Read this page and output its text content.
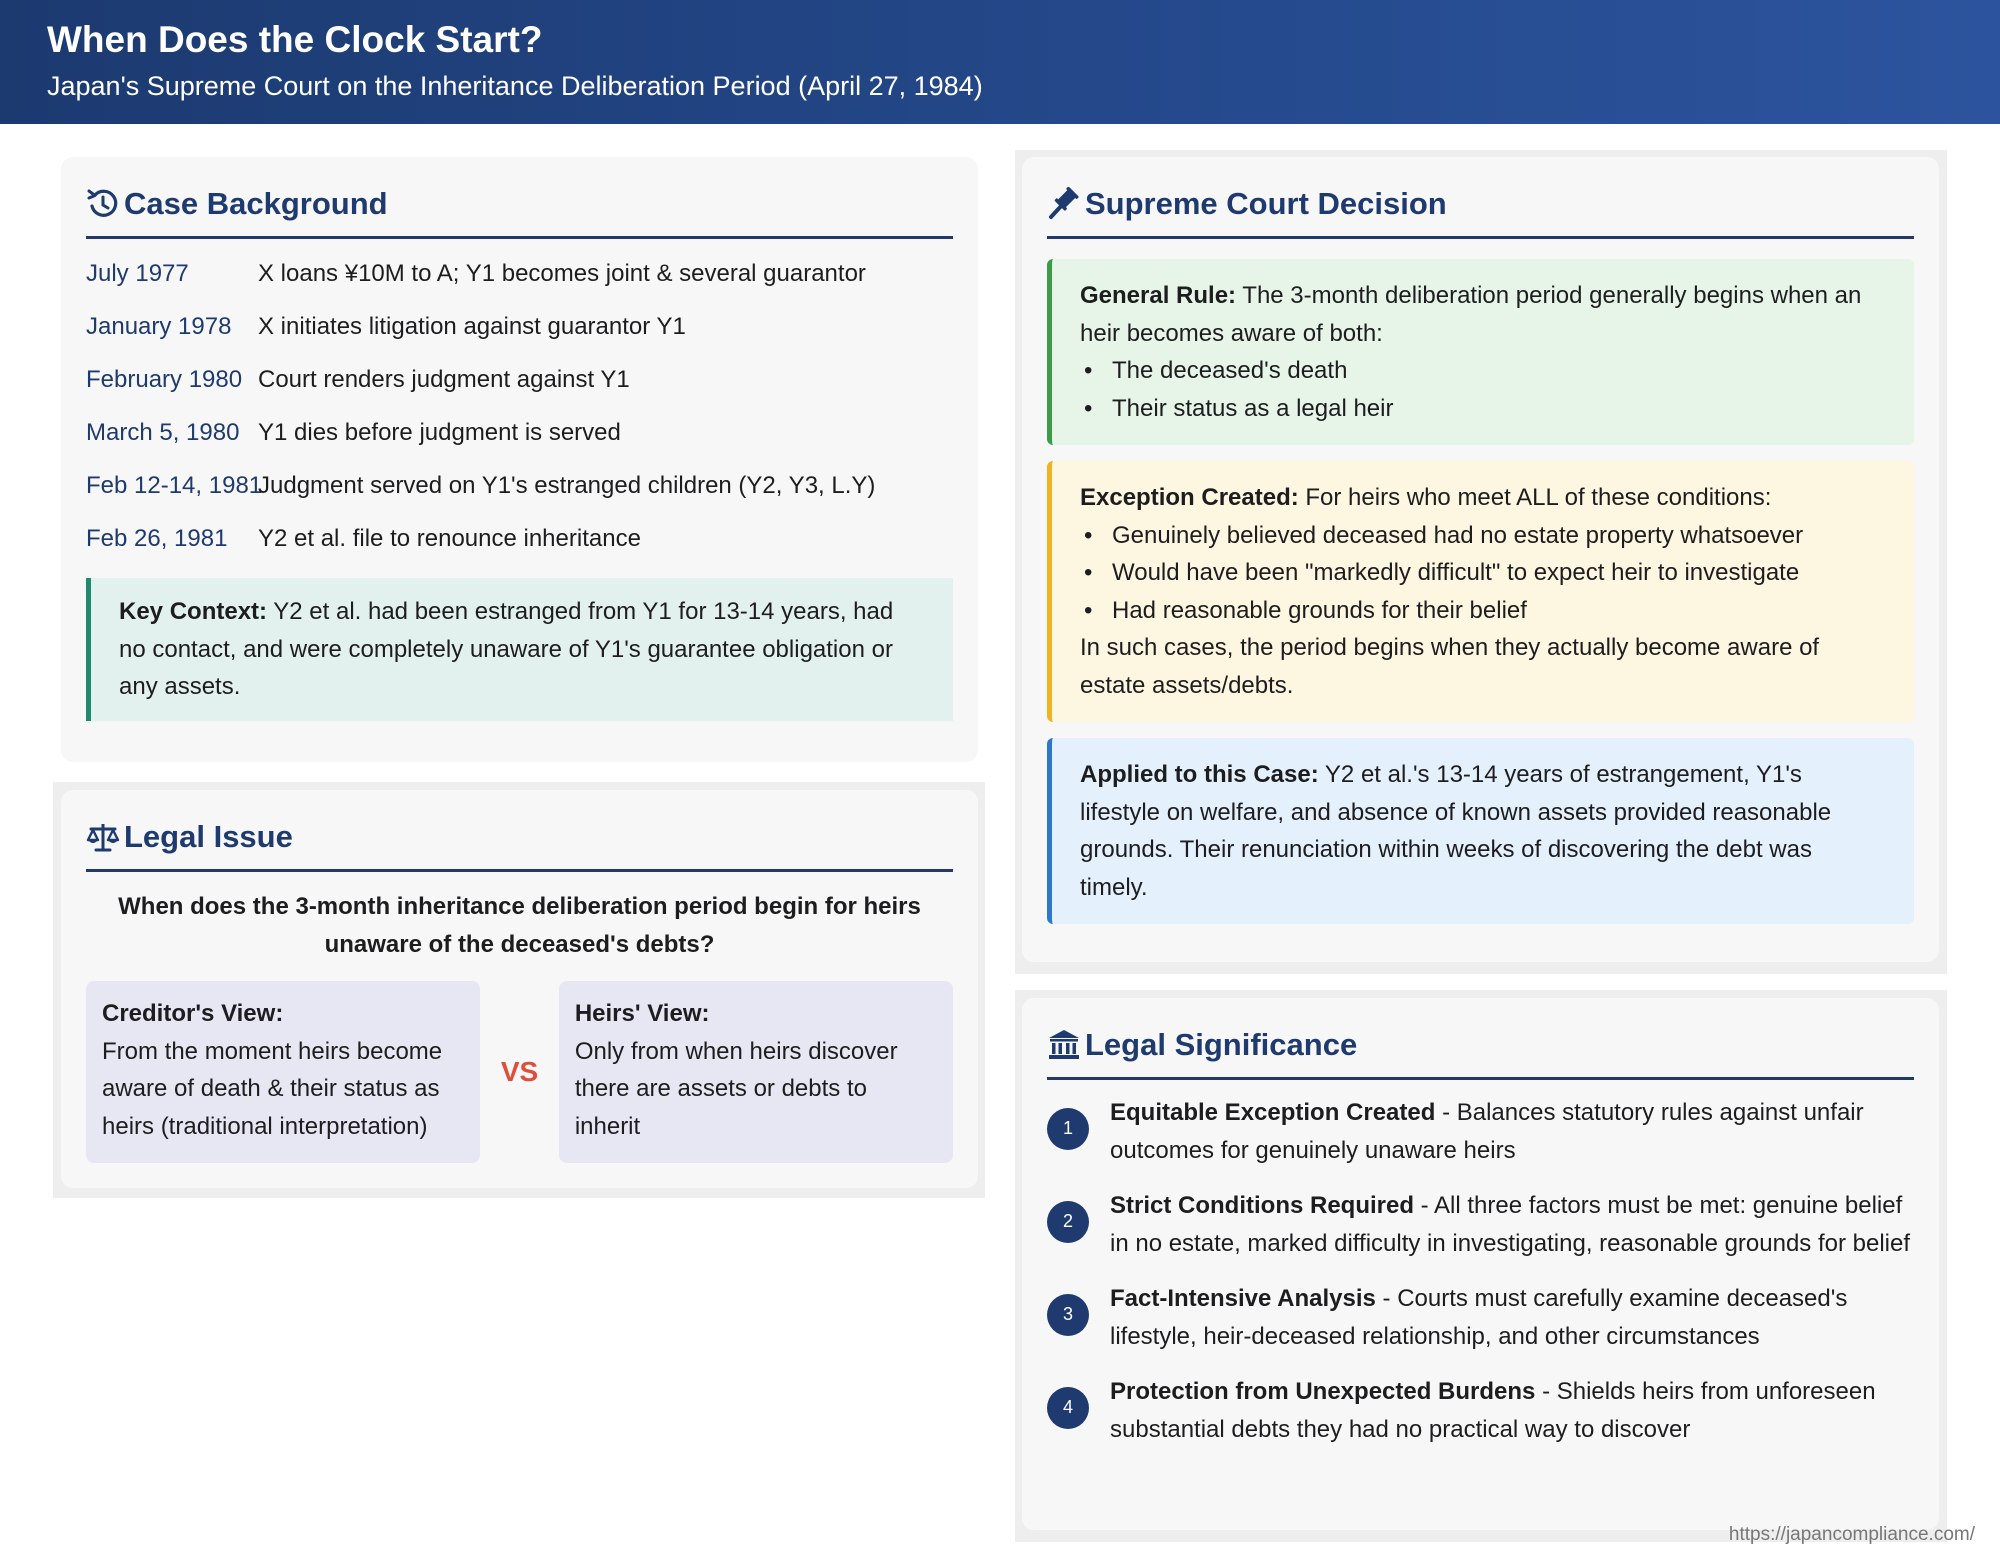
When Does the Clock Start?
Japan's Supreme Court on the Inheritance Deliberation Period (April 27, 1984)
Case Background
July 1977	X loans ¥10M to A; Y1 becomes joint & several guarantor
January 1978	X initiates litigation against guarantor Y1
February 1980 Court renders judgment against Y1
March 5, 1980 Y1 dies before judgment is served
Feb 12-14, 1981
Judgment served on Y1's estranged children (Y2, Y3, L.Y)
Feb 26, 1981	Y2 et al. file to renounce inheritance
Key Context: Y2 et al. had been estranged from Y1 for 13-14 years, had no contact, and were completely unaware of Y1's guarantee obligation or any assets.
Legal Issue
When does the 3-month inheritance deliberation period begin for heirs unaware of the deceased's debts?
Creditor's View:
From the moment heirs become aware of death & their status as heirs (traditional interpretation)
VS
Heirs' View:
Only from when heirs discover there are assets or debts to inherit
Supreme Court Decision
General Rule: The 3-month deliberation period generally begins when an heir becomes aware of both:
• The deceased's death
• Their status as a legal heir
Exception Created: For heirs who meet ALL of these conditions:
• Genuinely believed deceased had no estate property whatsoever
• Would have been "markedly difficult" to expect heir to investigate
• Had reasonable grounds for their belief
In such cases, the period begins when they actually become aware of estate assets/debts.
Applied to this Case: Y2 et al.'s 13-14 years of estrangement, Y1's lifestyle on welfare, and absence of known assets provided reasonable grounds. Their renunciation within weeks of discovering the debt was timely.
Legal Significance
1
Equitable Exception Created - Balances statutory rules against unfair outcomes for genuinely unaware heirs
2
Strict Conditions Required - All three factors must be met: genuine belief in no estate, marked difficulty in investigating, reasonable grounds for belief
3
Fact-Intensive Analysis - Courts must carefully examine deceased's lifestyle, heir-deceased relationship, and other circumstances
4
Protection from Unexpected Burdens - Shields heirs from unforeseen substantial debts they had no practical way to discover
https://japancompliance.com/
